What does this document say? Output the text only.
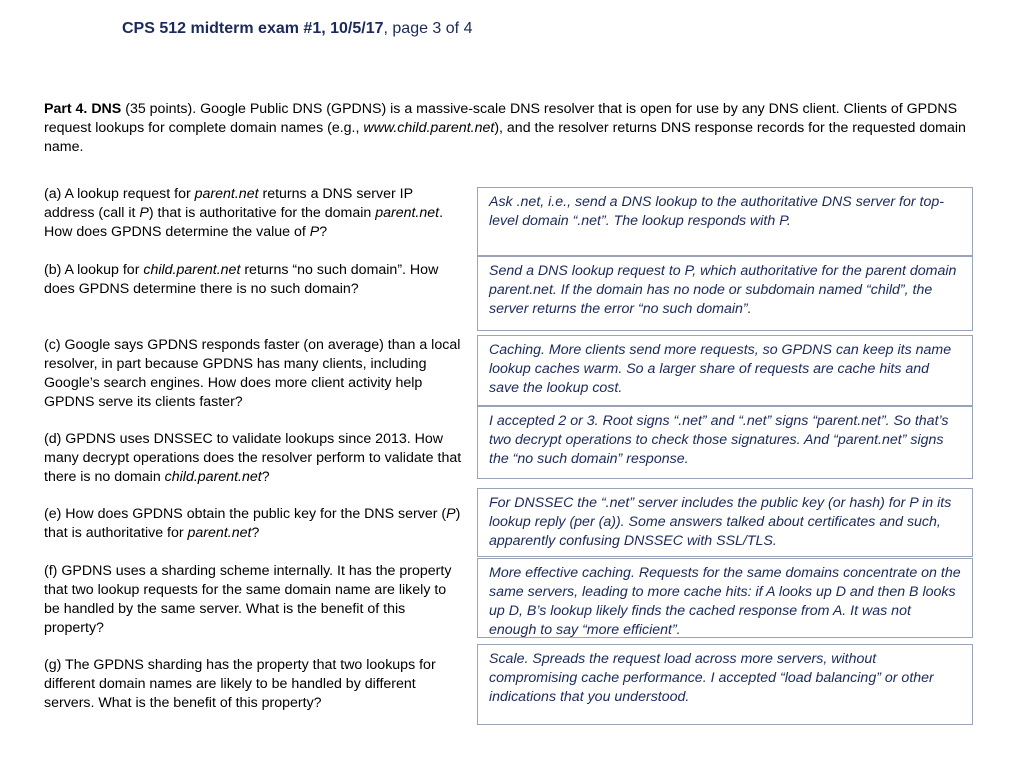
CPS 512 midterm exam #1, 10/5/17, page 3 of 4
Part 4. DNS (35 points). Google Public DNS (GPDNS) is a massive-scale DNS resolver that is open for use by any DNS client. Clients of GPDNS request lookups for complete domain names (e.g., www.child.parent.net), and the resolver returns DNS response records for the requested domain name.
(a) A lookup request for parent.net returns a DNS server IP address (call it P) that is authoritative for the domain parent.net. How does GPDNS determine the value of P?
(b) A lookup for child.parent.net returns “no such domain”. How does GPDNS determine there is no such domain?
(c) Google says GPDNS responds faster (on average) than a local resolver, in part because GPDNS has many clients, including Google’s search engines. How does more client activity help GPDNS serve its clients faster?
(d) GPDNS uses DNSSEC to validate lookups since 2013. How many decrypt operations does the resolver perform to validate that there is no domain child.parent.net?
(e) How does GPDNS obtain the public key for the DNS server (P) that is authoritative for parent.net?
(f) GPDNS uses a sharding scheme internally. It has the property that two lookup requests for the same domain name are likely to be handled by the same server. What is the benefit of this property?
(g) The GPDNS sharding has the property that two lookups for different domain names are likely to be handled by different servers. What is the benefit of this property?
Ask .net, i.e., send a DNS lookup to the authoritative DNS server for top-level domain “.net”. The lookup responds with P.
Send a DNS lookup request to P, which authoritative for the parent domain parent.net. If the domain has no node or subdomain named “child”, the server returns the error “no such domain”.
Caching. More clients send more requests, so GPDNS can keep its name lookup caches warm. So a larger share of requests are cache hits and save the lookup cost.
I accepted 2 or 3. Root signs “.net” and “.net” signs “parent.net”. So that’s two decrypt operations to check those signatures. And “parent.net” signs the “no such domain” response.
For DNSSEC the “.net” server includes the public key (or hash) for P in its lookup reply (per (a)). Some answers talked about certificates and such, apparently confusing DNSSEC with SSL/TLS.
More effective caching. Requests for the same domains concentrate on the same servers, leading to more cache hits: if A looks up D and then B looks up D, B’s lookup likely finds the cached response from A. It was not enough to say “more efficient”.
Scale. Spreads the request load across more servers, without compromising cache performance. I accepted “load balancing” or other indications that you understood.
